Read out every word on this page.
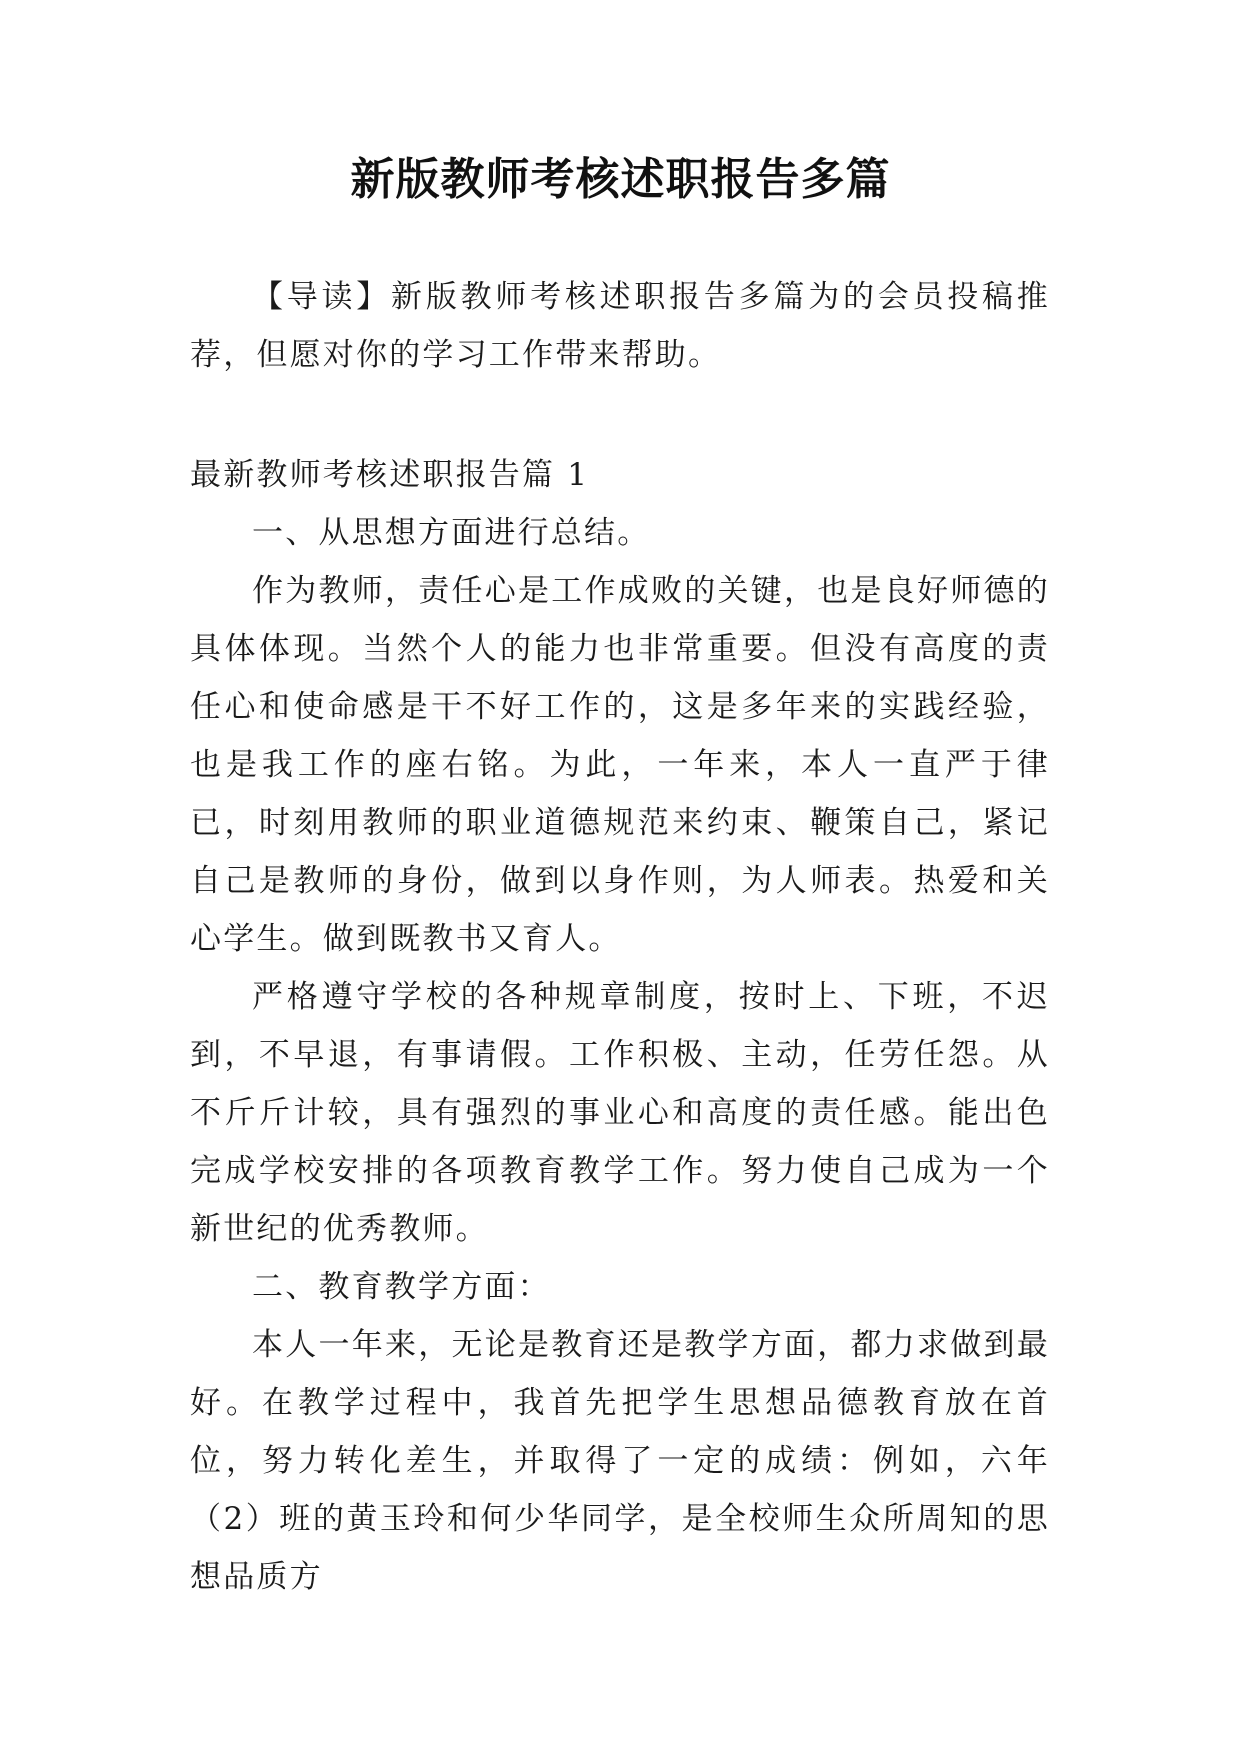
新版教师考核述职报告多篇

【导读】新版教师考核述职报告多篇为的会员投稿推荐，但愿对你的学习工作带来帮助。

最新教师考核述职报告篇 1

一、从思想方面进行总结。

作为教师，责任心是工作成败的关键，也是良好师德的具体体现。当然个人的能力也非常重要。但没有高度的责任心和使命感是干不好工作的，这是多年来的实践经验，也是我工作的座右铭。为此，一年来，本人一直严于律已，时刻用教师的职业道德规范来约束、鞭策自己，紧记自己是教师的身份，做到以身作则，为人师表。热爱和关心学生。做到既教书又育人。

严格遵守学校的各种规章制度，按时上、下班，不迟到，不早退，有事请假。工作积极、主动，任劳任怨。从不斤斤计较，具有强烈的事业心和高度的责任感。能出色完成学校安排的各项教育教学工作。努力使自己成为一个新世纪的优秀教师。

二、教育教学方面：

本人一年来，无论是教育还是教学方面，都力求做到最好。在教学过程中，我首先把学生思想品德教育放在首位，努力转化差生，并取得了一定的成绩：例如，六年（2）班的黄玉玲和何少华同学，是全校师生众所周知的思想品质方
